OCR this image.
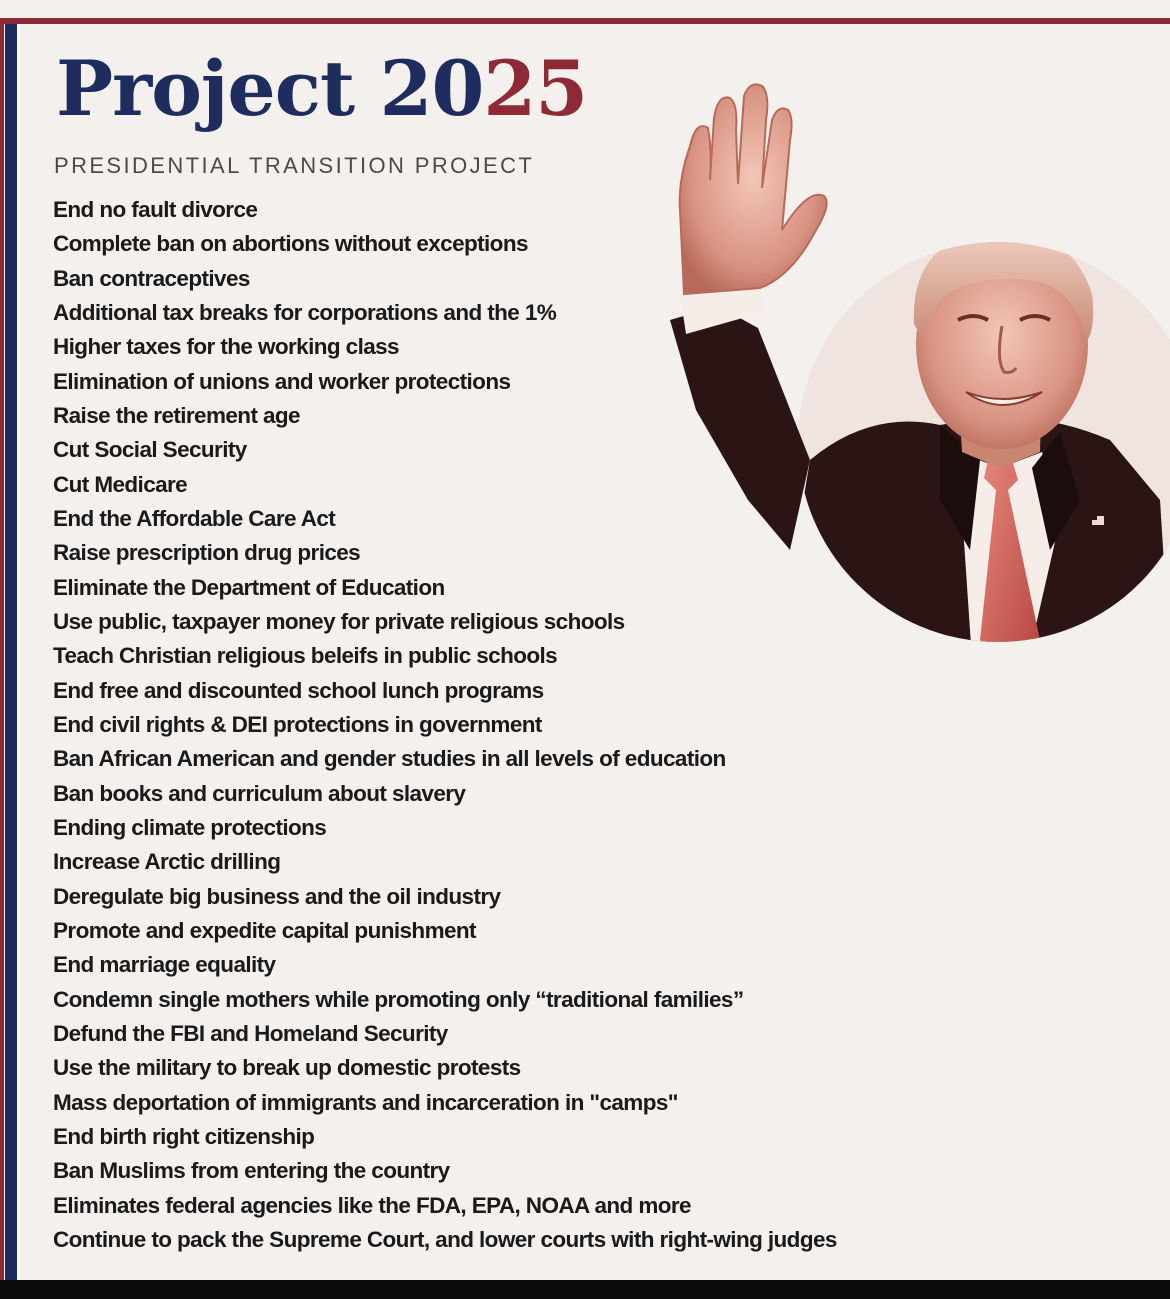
Project 2025
PRESIDENTIAL TRANSITION PROJECT
End no fault divorce
Complete ban on abortions without exceptions
Ban contraceptives
Additional tax breaks for corporations and the 1%
Higher taxes for the working class
Elimination of unions and worker protections
Raise the retirement age
Cut Social Security
Cut Medicare
End the Affordable Care Act
Raise prescription drug prices
Eliminate the Department of Education
Use public, taxpayer money for private religious schools
Teach Christian religious beleifs in public schools
End free and discounted school lunch programs
End civil rights & DEI protections in government
Ban African American and gender studies in all levels of education
Ban books and curriculum about slavery
Ending climate protections
Increase Arctic drilling
Deregulate big business and the oil industry
Promote and expedite capital punishment
End marriage equality
Condemn single mothers while promoting only “traditional families”
Defund the FBI and Homeland Security
Use the military to break up domestic protests
Mass deportation of immigrants and incarceration in "camps"
End birth right citizenship
Ban Muslims from entering the country
Eliminates federal agencies like the FDA, EPA, NOAA and more
Continue to pack the Supreme Court, and lower courts with right-wing judges
